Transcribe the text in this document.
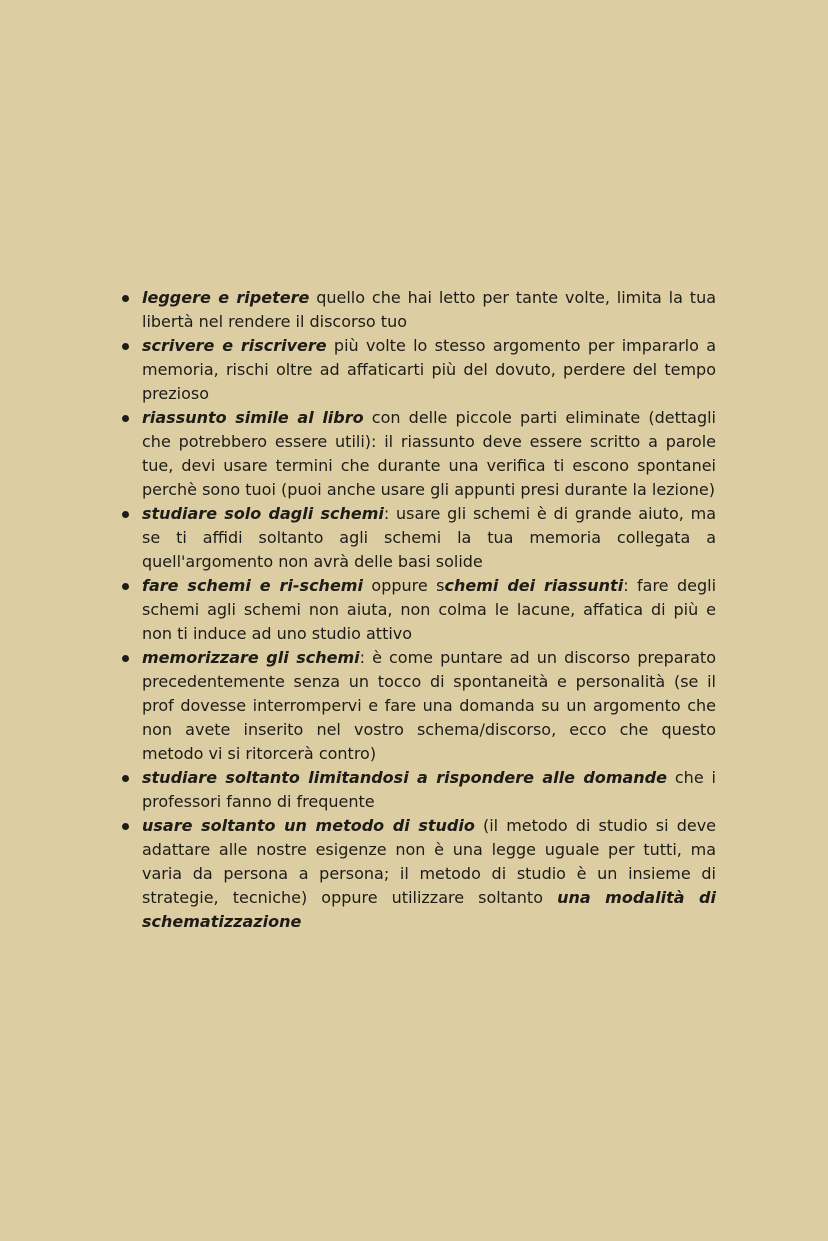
leggere e ripetere quello che hai letto per tante volte, limita la tua libertà nel rendere il discorso tuo
scrivere e riscrivere più volte lo stesso argomento per impararlo a memoria, rischi oltre ad affaticarti più del dovuto, perdere del tempo prezioso
riassunto simile al libro con delle piccole parti eliminate (dettagli che potrebbero essere utili): il riassunto deve essere scritto a parole tue, devi usare termini che durante una verifica ti escono spontanei perchè sono tuoi (puoi anche usare gli appunti presi durante la lezione)
studiare solo dagli schemi: usare gli schemi è di grande aiuto, ma se ti affidi soltanto agli schemi la tua memoria collegata a quell'argomento non avrà delle basi solide
fare schemi e ri-schemi oppure schemi dei riassunti: fare degli schemi agli schemi non aiuta, non colma le lacune, affatica di più e non ti induce ad uno studio attivo
memorizzare gli schemi: è come puntare ad un discorso preparato precedentemente senza un tocco di spontaneità e personalità (se il prof dovesse interrompervi e fare una domanda su un argomento che non avete inserito nel vostro schema/discorso, ecco che questo metodo vi si ritorcerà contro)
studiare soltanto limitandosi a rispondere alle domande che i professori fanno di frequente
usare soltanto un metodo di studio (il metodo di studio si deve adattare alle nostre esigenze non è una legge uguale per tutti, ma varia da persona a persona; il metodo di studio è un insieme di strategie, tecniche) oppure utilizzare soltanto una modalità di schematizzazione
